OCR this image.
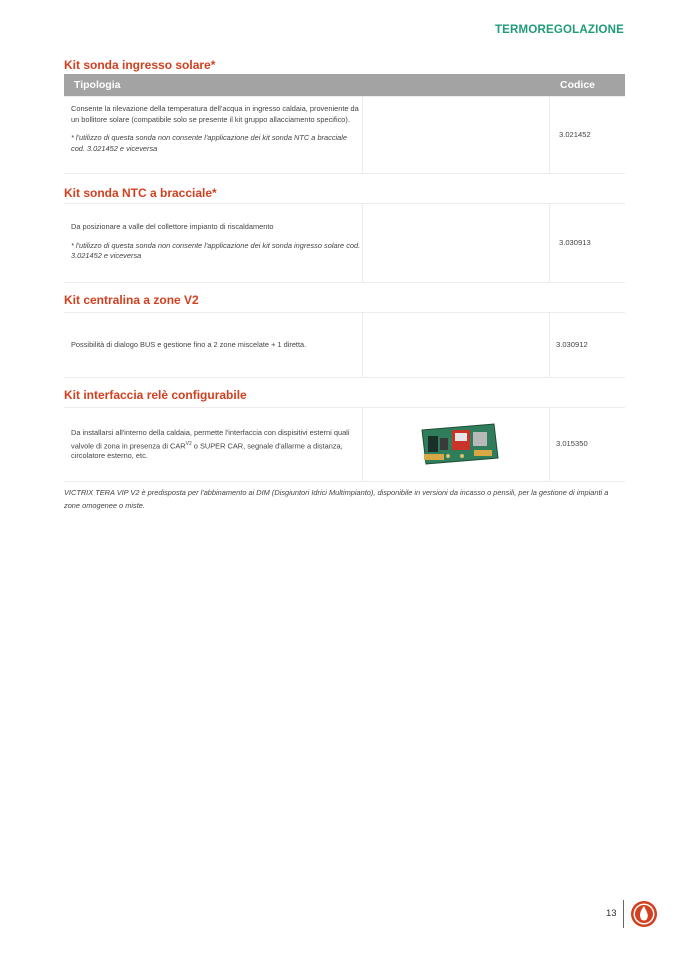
TERMOREGOLAZIONE
Kit sonda ingresso solare*
Tipologia	Codice
Consente la rilevazione della temperatura dell'acqua in ingresso caldaia, proveniente da un bollitore solare (compatibile solo se presente il kit gruppo allacciamento specifico).
* l'utilizzo di questa sonda non consente l'applicazione dei kit sonda NTC a bracciale cod. 3.021452 e viceversa
3.021452
Kit sonda NTC a bracciale*
Da posizionare a valle del collettore impianto di riscaldamento
* l'utilizzo di questa sonda non consente l'applicazione dei kit sonda ingresso solare cod. 3.021452 e viceversa
3.030913
Kit centralina a zone V2
Possibilità di dialogo BUS e gestione fino a 2 zone miscelate + 1 diretta.	3.030912
Kit interfaccia relè configurabile
Da installarsi all'interno della caldaia, permette l'interfaccia con dispisitivi esterni quali valvole di zona in presenza di $CAR^{V2}$ o SUPER CAR, segnale d'allarme a distanza, circolatore esterno, etc.
3.015350
VICTRIX TERA VIP V2 è predisposta per l'abbinamento ai DIM (Disgiuntori Idrici Multimpianto), disponibile in versioni da incasso o pensili, per la gestione di impianti a zone omogenee o miste.
13
